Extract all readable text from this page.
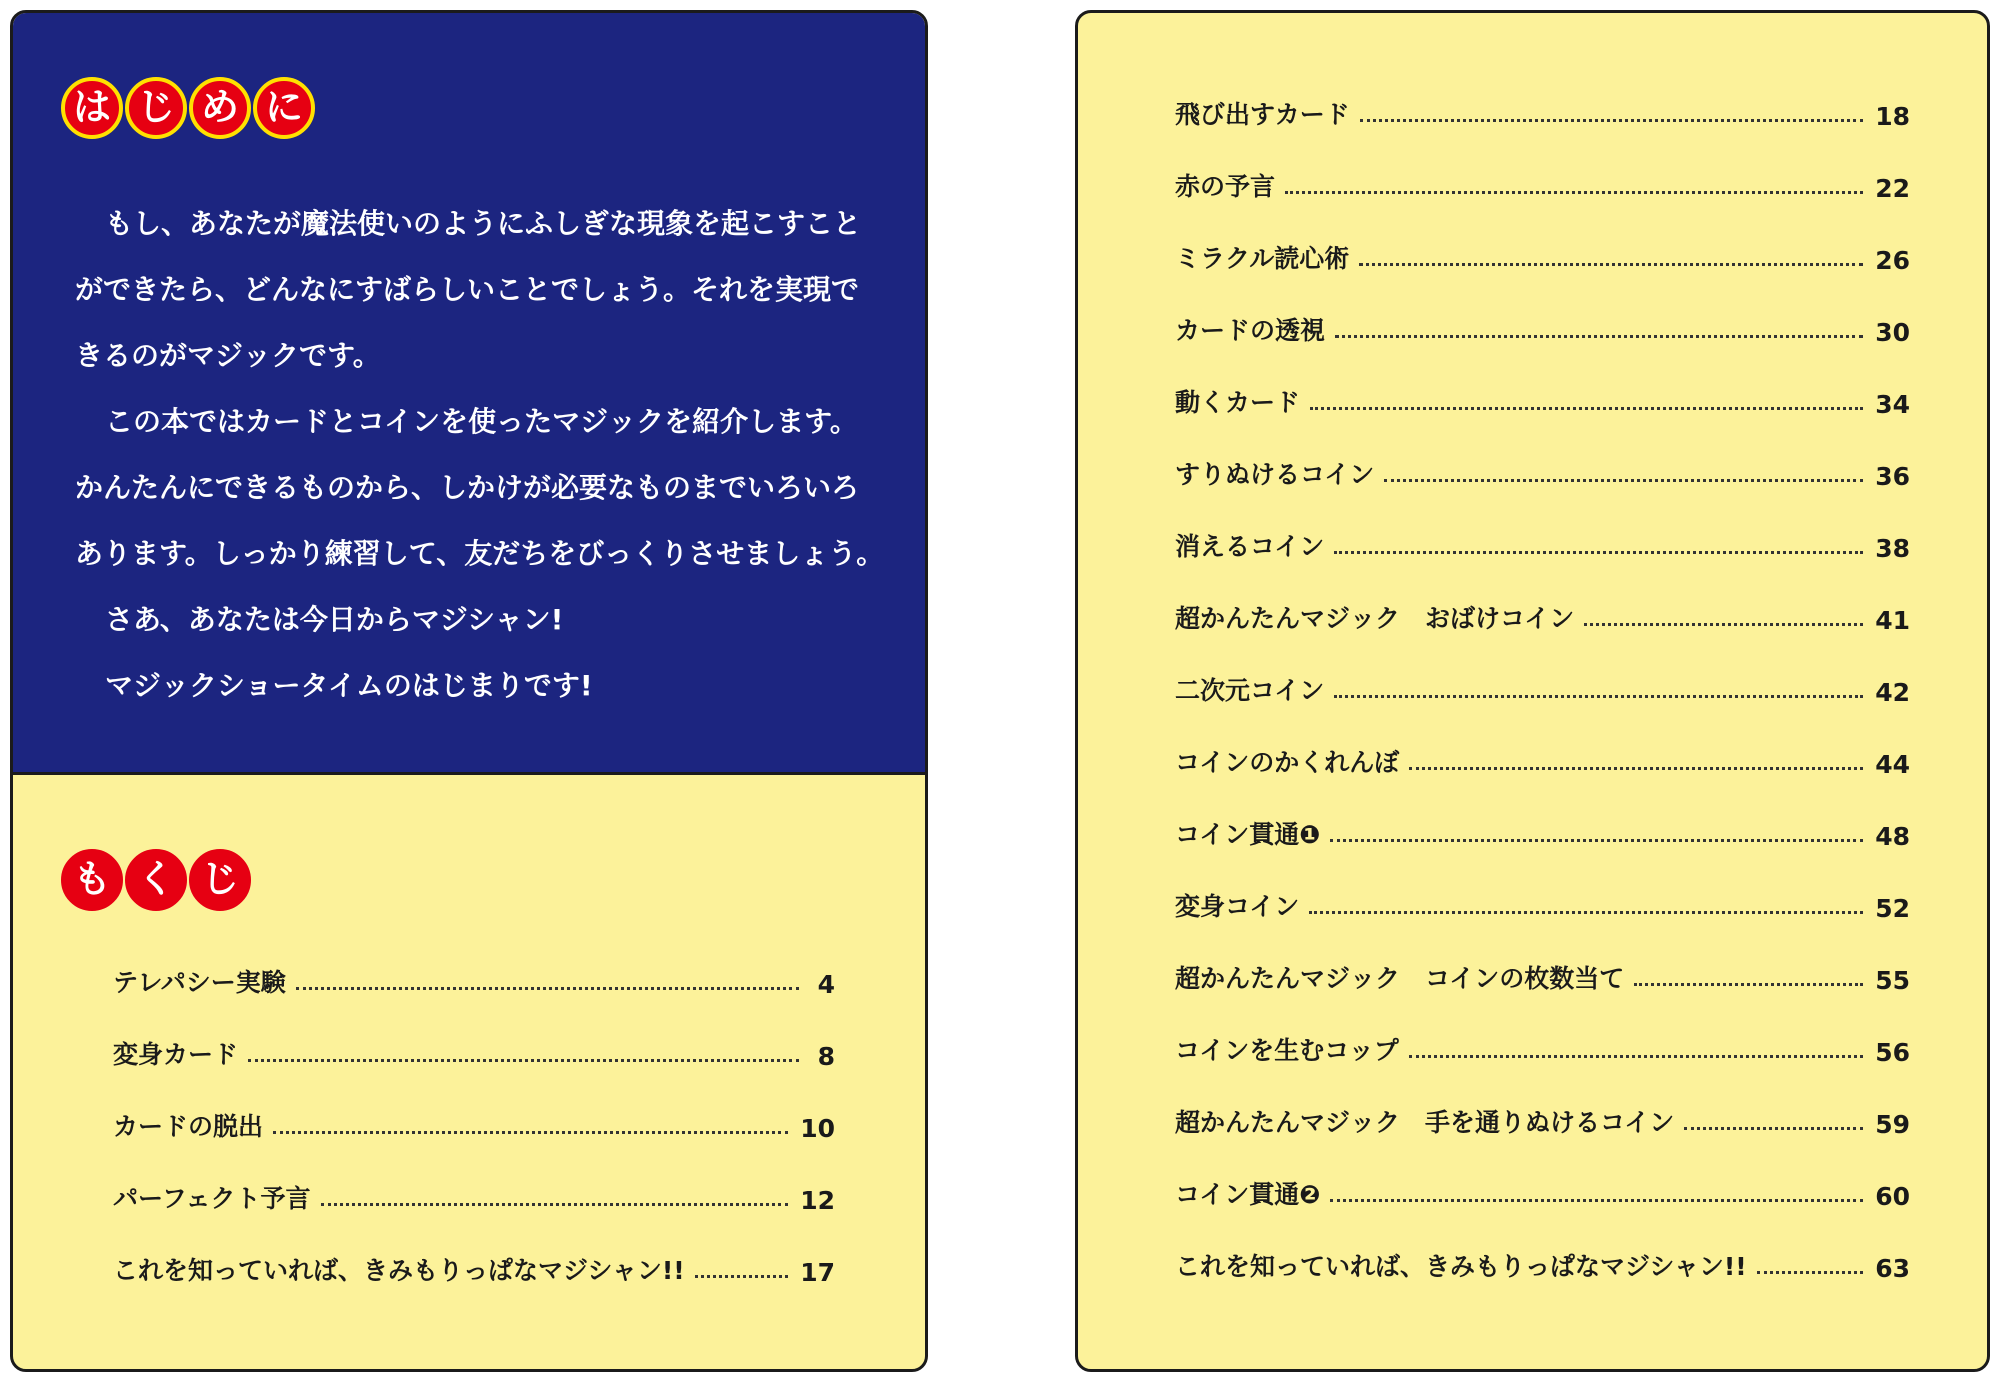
は じ め に

もし、あなたが魔法使いのようにふしぎな現象を起こすこと

ができたら、どんなにすばらしいことでしょう。それを実現で

きるのがマジックです。

この本ではカードとコインを使ったマジックを紹介します。

かんたんにできるものから、しかけが必要なものまでいろいろ

あります。しっかり練習して、友だちをびっくりさせましょう。

さあ、あなたは今日からマジシャン!

マジックショータイムのはじまりです!

も く じ
テレパシー実験	4
変身カード	8
カードの脱出	10
パーフェクト予言	12
これを知っていれば、きみもりっぱなマジシャン!!	17
飛び出すカード	18
赤の予言	22
ミラクル読心術	26
カードの透視	30
動くカード	34
すりぬけるコイン	36
消えるコイン	38
超かんたんマジック　おばけコイン	41
二次元コイン	42
コインのかくれんぼ	44
コイン貫通❶	48
変身コイン	52
超かんたんマジック　コインの枚数当て	55
コインを生むコップ	56
超かんたんマジック　手を通りぬけるコイン	59
コイン貫通❷	60
これを知っていれば、きみもりっぱなマジシャン!!	63
